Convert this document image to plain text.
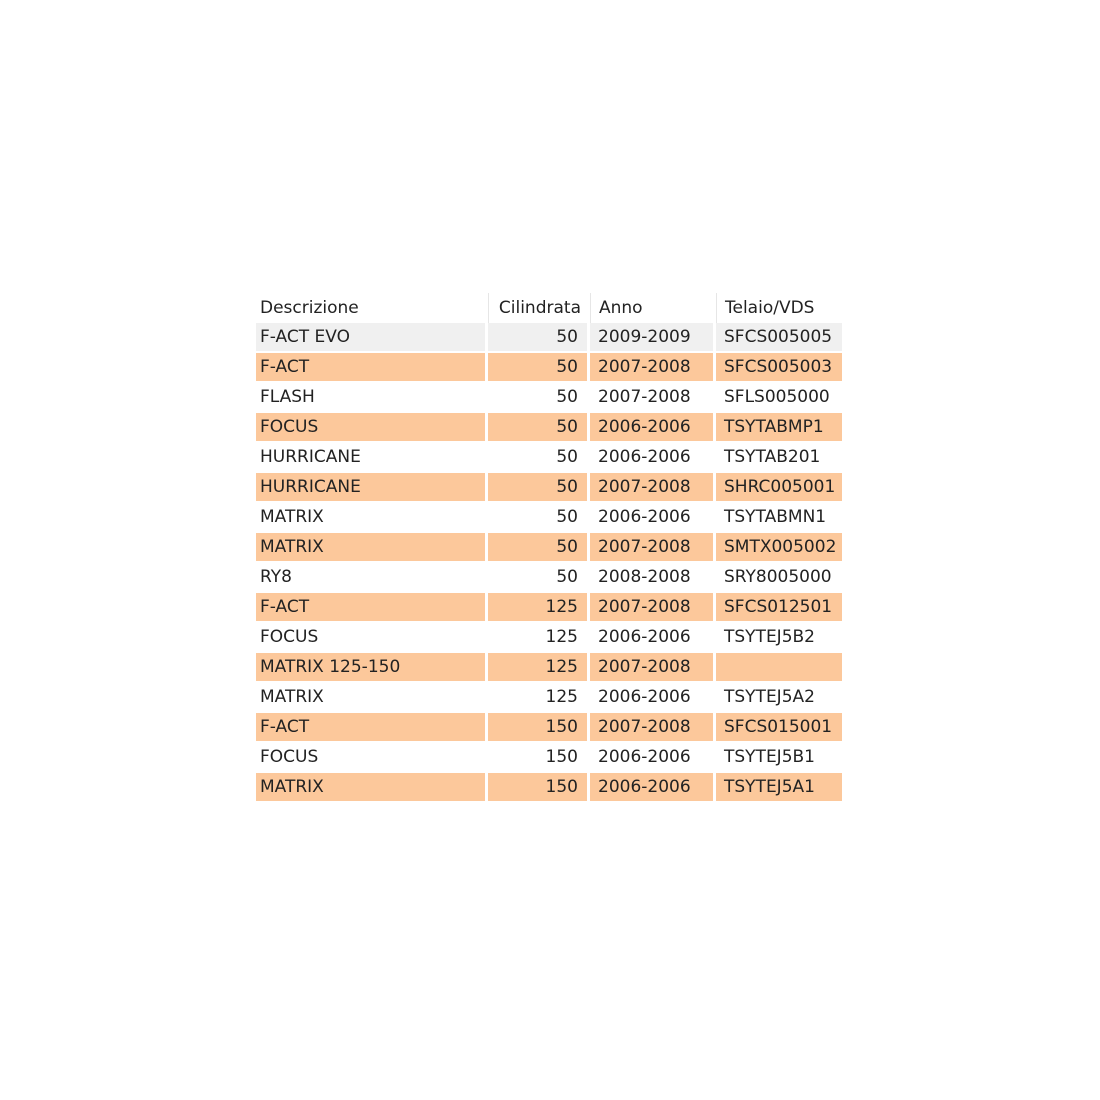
Descrizione	Cilindrata	Anno	Telaio/VDS
F-ACT EVO	50	2009-2009	SFCS005005
F-ACT	50	2007-2008	SFCS005003
FLASH	50	2007-2008	SFLS005000
FOCUS	50	2006-2006	TSYTABMP1
HURRICANE	50	2006-2006	TSYTAB201
HURRICANE	50	2007-2008	SHRC005001
MATRIX	50	2006-2006	TSYTABMN1
MATRIX	50	2007-2008	SMTX005002
RY8	50	2008-2008	SRY8005000
F-ACT	125	2007-2008	SFCS012501
FOCUS	125	2006-2006	TSYTEJ5B2
MATRIX 125-150	125	2007-2008
MATRIX	125	2006-2006	TSYTEJ5A2
F-ACT	150	2007-2008	SFCS015001
FOCUS	150	2006-2006	TSYTEJ5B1
MATRIX	150	2006-2006	TSYTEJ5A1
